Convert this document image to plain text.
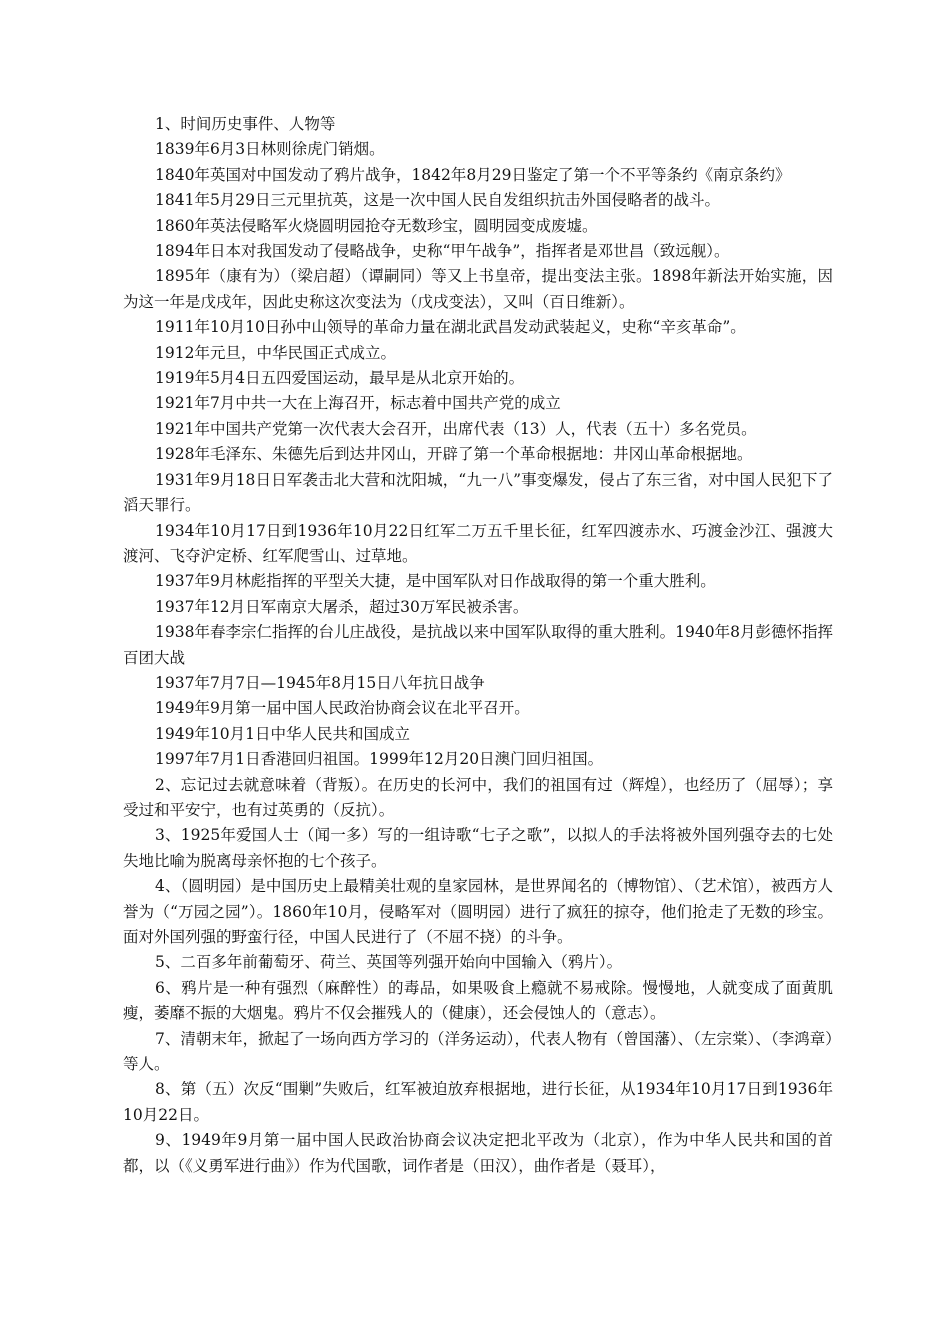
1、时间历史事件、人物等

1839年6月3日林则徐虎门销烟。

1840年英国对中国发动了鸦片战争，1842年8月29日鉴定了第一个不平等条约《南京条约》

1841年5月29日三元里抗英，这是一次中国人民自发组织抗击外国侵略者的战斗。

1860年英法侵略军火烧圆明园抢夺无数珍宝，圆明园变成废墟。

1894年日本对我国发动了侵略战争，史称“甲午战争”，指挥者是邓世昌（致远舰）。

1895年（康有为）（梁启超）（谭嗣同）等又上书皇帝，提出变法主张。1898年新法开始实施，因为这一年是戊戌年，因此史称这次变法为（戊戌变法），又叫（百日维新）。

1911年10月10日孙中山领导的革命力量在湖北武昌发动武装起义，史称“辛亥革命”。

1912年元旦，中华民国正式成立。

1919年5月4日五四爱国运动，最早是从北京开始的。

1921年7月中共一大在上海召开，标志着中国共产党的成立

1921年中国共产党第一次代表大会召开，出席代表（13）人，代表（五十）多名党员。

1928年毛泽东、朱德先后到达井冈山，开辟了第一个革命根据地：井冈山革命根据地。

1931年9月18日日军袭击北大营和沈阳城，“九一八”事变爆发，侵占了东三省，对中国人民犯下了滔天罪行。

1934年10月17日到1936年10月22日红军二万五千里长征，红军四渡赤水、巧渡金沙江、强渡大渡河、飞夺沪定桥、红军爬雪山、过草地。

1937年9月林彪指挥的平型关大捷，是中国军队对日作战取得的第一个重大胜利。

1937年12月日军南京大屠杀，超过30万军民被杀害。

1938年春李宗仁指挥的台儿庄战役，是抗战以来中国军队取得的重大胜利。1940年8月彭德怀指挥百团大战

1937年7月7日—1945年8月15日八年抗日战争

1949年9月第一届中国人民政治协商会议在北平召开。

1949年10月1日中华人民共和国成立

1997年7月1日香港回归祖国。1999年12月20日澳门回归祖国。

2、忘记过去就意味着（背叛）。在历史的长河中，我们的祖国有过（辉煌），也经历了（屈辱）；享受过和平安宁，也有过英勇的（反抗）。

3、1925年爱国人士（闻一多）写的一组诗歌“七子之歌”，以拟人的手法将被外国列强夺去的七处失地比喻为脱离母亲怀抱的七个孩子。

4、（圆明园）是中国历史上最精美壮观的皇家园林，是世界闻名的（博物馆）、（艺术馆），被西方人誉为（“万园之园”）。1860年10月，侵略军对（圆明园）进行了疯狂的掠夺，他们抢走了无数的珍宝。面对外国列强的野蛮行径，中国人民进行了（不屈不挠）的斗争。

5、二百多年前葡萄牙、荷兰、英国等列强开始向中国输入（鸦片）。

6、鸦片是一种有强烈（麻醉性）的毒品，如果吸食上瘾就不易戒除。慢慢地，人就变成了面黄肌瘦，萎靡不振的大烟鬼。鸦片不仅会摧残人的（健康），还会侵蚀人的（意志）。

7、清朝末年，掀起了一场向西方学习的（洋务运动），代表人物有（曾国藩）、（左宗棠）、（李鸿章）等人。

8、第（五）次反“围剿”失败后，红军被迫放弃根据地，进行长征，从1934年10月17日到1936年10月22日。

9、1949年9月第一届中国人民政治协商会议决定把北平改为（北京），作为中华人民共和国的首都，以（《义勇军进行曲》）作为代国歌，词作者是（田汉），曲作者是（聂耳），
